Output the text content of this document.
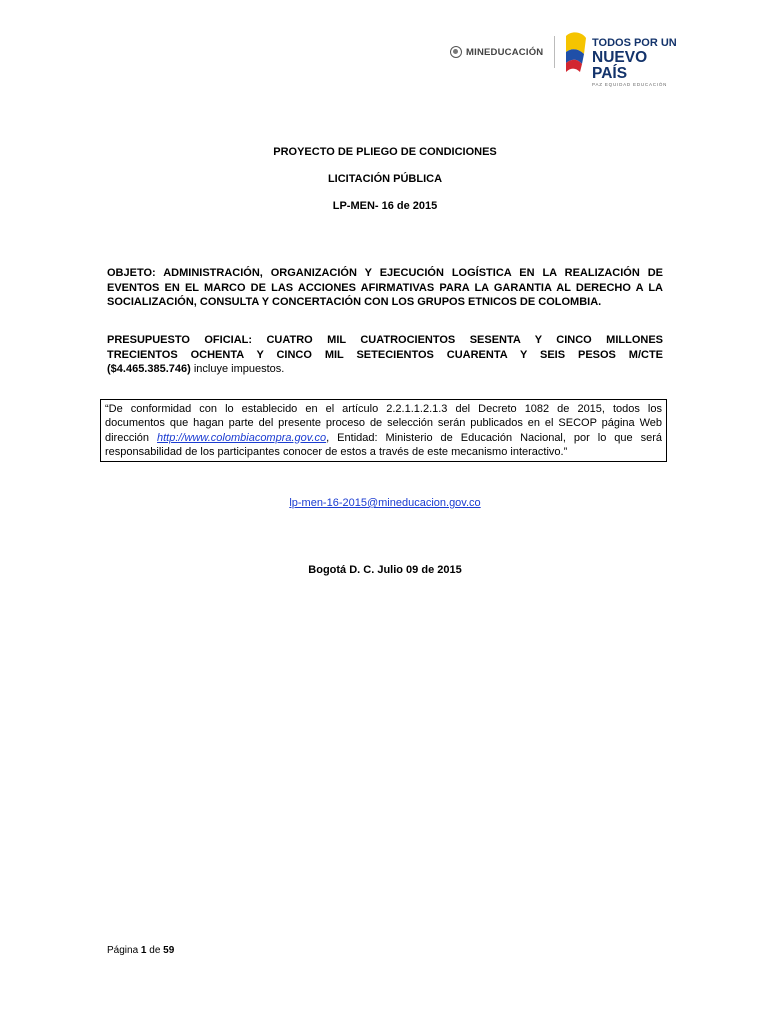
MINEDUCACIÓN
TODOS POR UN
NUEVO PAÍS
PAZ EQUIDAD EDUCACIÓN
PROYECTO DE PLIEGO DE CONDICIONES
LICITACIÓN PÚBLICA
LP-MEN- 16 de 2015
OBJETO: ADMINISTRACIÓN, ORGANIZACIÓN Y EJECUCIÓN LOGÍSTICA EN LA REALIZACIÓN DE
EVENTOS EN EL MARCO DE LAS ACCIONES AFIRMATIVAS PARA LA GARANTIA AL DERECHO A LA
SOCIALIZACIÓN, CONSULTA Y CONCERTACIÓN CON LOS GRUPOS ETNICOS DE COLOMBIA.
PRESUPUESTO OFICIAL: CUATRO MIL CUATROCIENTOS SESENTA Y CINCO MILLONES
TRECIENTOS OCHENTA Y CINCO MIL SETECIENTOS CUARENTA Y SEIS PESOS M/CTE
($4.465.385.746) incluye impuestos.
“De conformidad con lo establecido en el artículo 2.2.1.1.2.1.3 del Decreto 1082 de 2015, todos los
documentos que hagan parte del presente proceso de selección serán publicados en el SECOP página Web
dirección http://www.colombiacompra.gov.co, Entidad: Ministerio de Educación Nacional, por lo que será
responsabilidad de los participantes conocer de estos a través de este mecanismo interactivo.”
lp-men-16-2015@mineducacion.gov.co
Bogotá D. C. Julio 09 de 2015
Página 1 de 59
